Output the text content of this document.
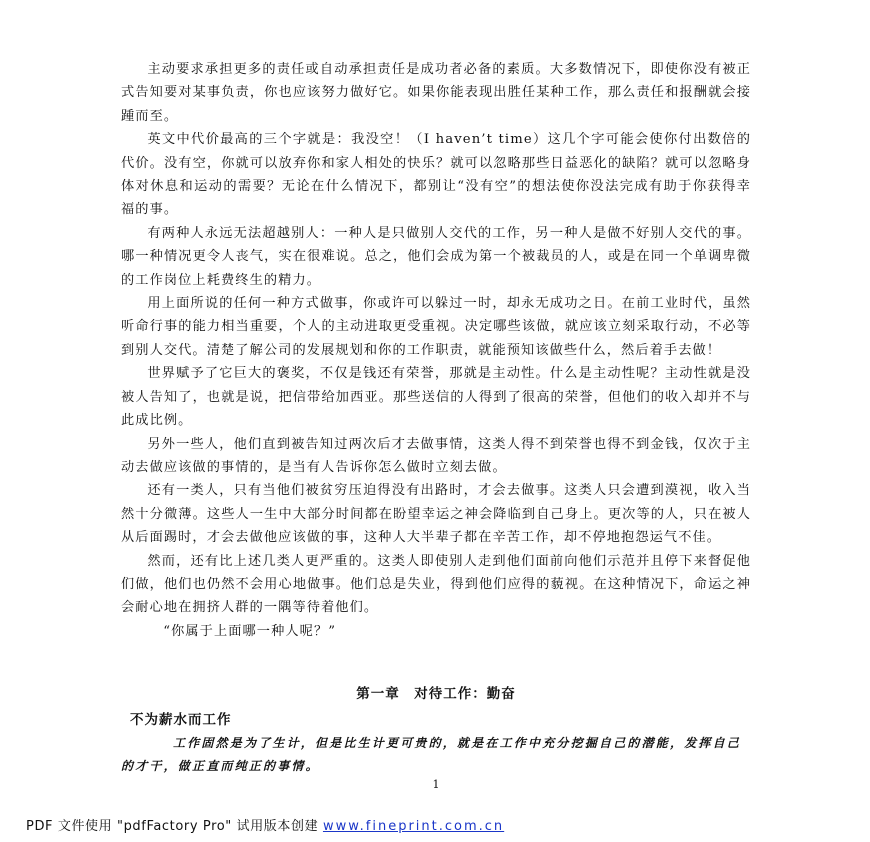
主动要求承担更多的责任或自动承担责任是成功者必备的素质。大多数情况下，即使你没有被正式告知要对某事负责，你也应该努力做好它。如果你能表现出胜任某种工作，那么责任和报酬就会接踵而至。

英文中代价最高的三个字就是：我没空！（I haven’t time）这几个字可能会使你付出数倍的代价。没有空，你就可以放弃你和家人相处的快乐？就可以忽略那些日益恶化的缺陷？就可以忽略身体对休息和运动的需要？无论在什么情况下，都别让“没有空”的想法使你没法完成有助于你获得幸福的事。

有两种人永远无法超越别人：一种人是只做别人交代的工作，另一种人是做不好别人交代的事。哪一种情况更令人丧气，实在很难说。总之，他们会成为第一个被裁员的人，或是在同一个单调卑微的工作岗位上耗费终生的精力。

用上面所说的任何一种方式做事，你或许可以躲过一时，却永无成功之日。在前工业时代，虽然听命行事的能力相当重要，个人的主动进取更受重视。决定哪些该做，就应该立刻采取行动，不必等到别人交代。清楚了解公司的发展规划和你的工作职责，就能预知该做些什么，然后着手去做！

世界赋予了它巨大的褒奖，不仅是钱还有荣誉，那就是主动性。什么是主动性呢？主动性就是没被人告知了，也就是说，把信带给加西亚。那些送信的人得到了很高的荣誉，但他们的收入却并不与此成比例。

另外一些人，他们直到被告知过两次后才去做事情，这类人得不到荣誉也得不到金钱，仅次于主动去做应该做的事情的，是当有人告诉你怎么做时立刻去做。

还有一类人，只有当他们被贫穷压迫得没有出路时，才会去做事。这类人只会遭到漠视，收入当然十分微薄。这些人一生中大部分时间都在盼望幸运之神会降临到自己身上。更次等的人，只在被人从后面踢时，才会去做他应该做的事，这种人大半辈子都在辛苦工作，却不停地抱怨运气不佳。

然而，还有比上述几类人更严重的。这类人即使别人走到他们面前向他们示范并且停下来督促他们做，他们也仍然不会用心地做事。他们总是失业，得到他们应得的藐视。在这种情况下，命运之神会耐心地在拥挤人群的一隅等待着他们。

“你属于上面哪一种人呢？”

第一章　对待工作：勤奋
不为薪水而工作
工作固然是为了生计，但是比生计更可贵的，就是在工作中充分挖掘自己的潜能，发挥自己的才干，做正直而纯正的事情。
1
PDF 文件使用 "pdfFactory Pro" 试用版本创建 www.fineprint.com.cn
